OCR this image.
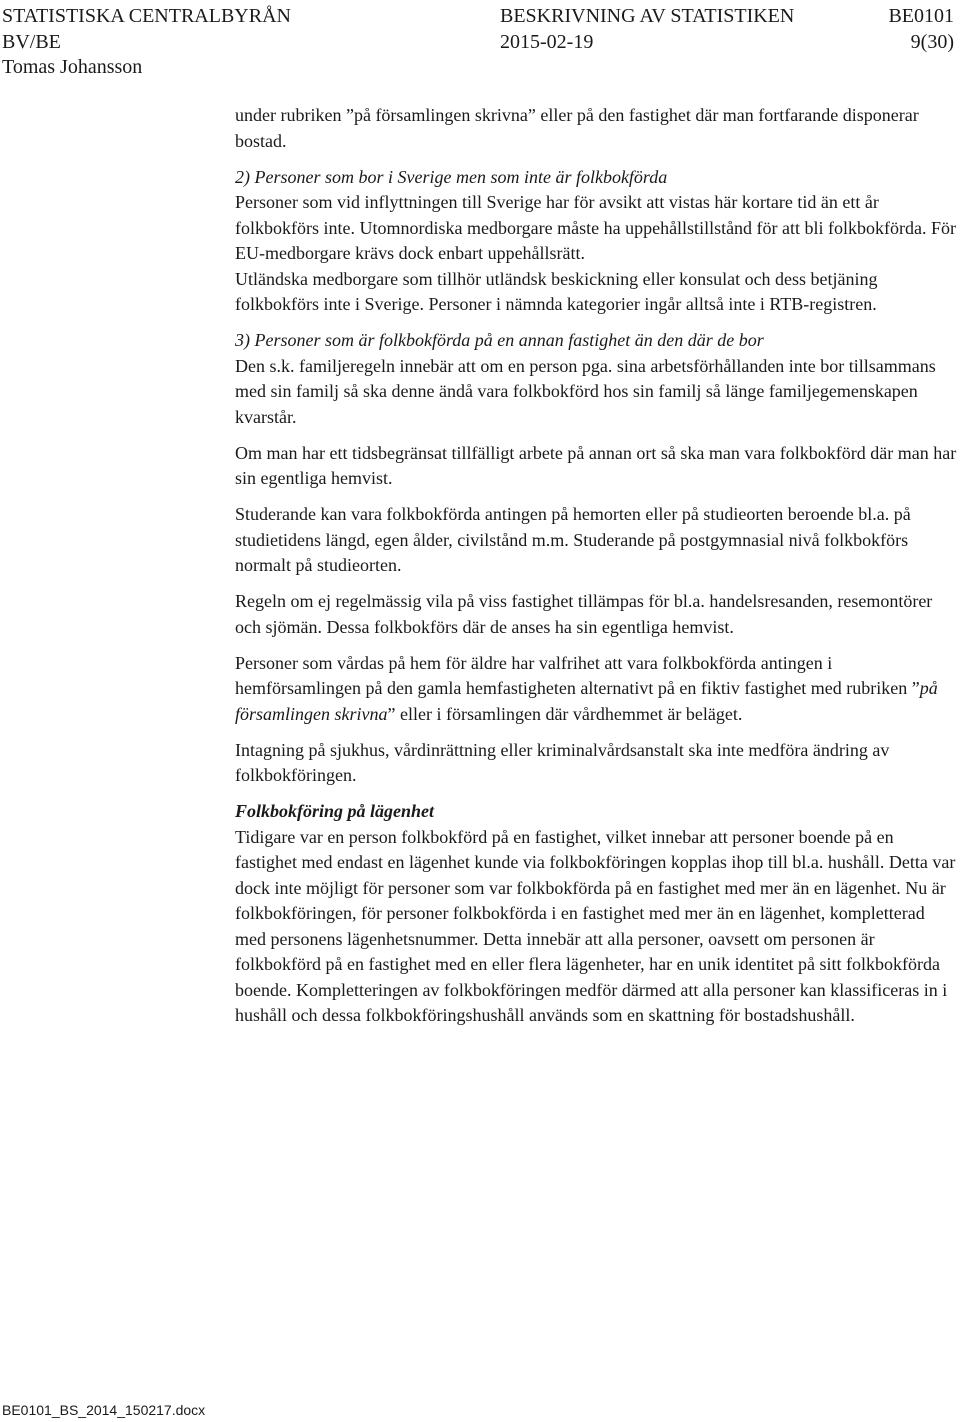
STATISTISKA CENTRALBYRÅN	BESKRIVNING AV STATISTIKEN	BE0101
BV/BE	2015-02-19	9(30)
Tomas Johansson

under rubriken ”på församlingen skrivna” eller på den fastighet där man fortfarande disponerar bostad.

2) Personer som bor i Sverige men som inte är folkbokförda
Personer som vid inflyttningen till Sverige har för avsikt att vistas här kortare tid än ett år folkbokförs inte. Utomnordiska medborgare måste ha uppehållstillstånd för att bli folkbokförda. För EU-medborgare krävs dock enbart uppehållsrätt.

Utländska medborgare som tillhör utländsk beskickning eller konsulat och dess betjäning folkbokförs inte i Sverige. Personer i nämnda kategorier ingår alltså inte i RTB-registren.

3) Personer som är folkbokförda på en annan fastighet än den där de bor
Den s.k. familjeregeln innebär att om en person pga. sina arbetsförhållanden inte bor tillsammans med sin familj så ska denne ändå vara folkbokförd hos sin familj så länge familjegemenskapen kvarstår.

Om man har ett tidsbegränsat tillfälligt arbete på annan ort så ska man vara folkbokförd där man har sin egentliga hemvist.

Studerande kan vara folkbokförda antingen på hemorten eller på studieorten beroende bl.a. på studietidens längd, egen ålder, civilstånd m.m. Studerande på postgymnasial nivå folkbokförs normalt på studieorten.

Regeln om ej regelmässig vila på viss fastighet tillämpas för bl.a. handelsresanden, resemontörer och sjömän. Dessa folkbokförs där de anses ha sin egentliga hemvist.

Personer som vårdas på hem för äldre har valfrihet att vara folkbokförda antingen i hemförsamlingen på den gamla hemfastigheten alternativt på en fiktiv fastighet med rubriken ”på församlingen skrivna” eller i församlingen där vårdhemmet är beläget.

Intagning på sjukhus, vårdinrättning eller kriminalvårdsanstalt ska inte medföra ändring av folkbokföringen.

Folkbokföring på lägenhet
Tidigare var en person folkbokförd på en fastighet, vilket innebar att personer boende på en fastighet med endast en lägenhet kunde via folkbokföringen kopplas ihop till bl.a. hushåll. Detta var dock inte möjligt för personer som var folkbokförda på en fastighet med mer än en lägenhet. Nu är folkbokföringen, för personer folkbokförda i en fastighet med mer än en lägenhet, kompletterad med personens lägenhetsnummer. Detta innebär att alla personer, oavsett om personen är folkbokförd på en fastighet med en eller flera lägenheter, har en unik identitet på sitt folkbokförda boende. Kompletteringen av folkbokföringen medför därmed att alla personer kan klassificeras in i hushåll och dessa folkbokföringshushåll används som en skattning för bostadshushåll.

BE0101_BS_2014_150217.docx
